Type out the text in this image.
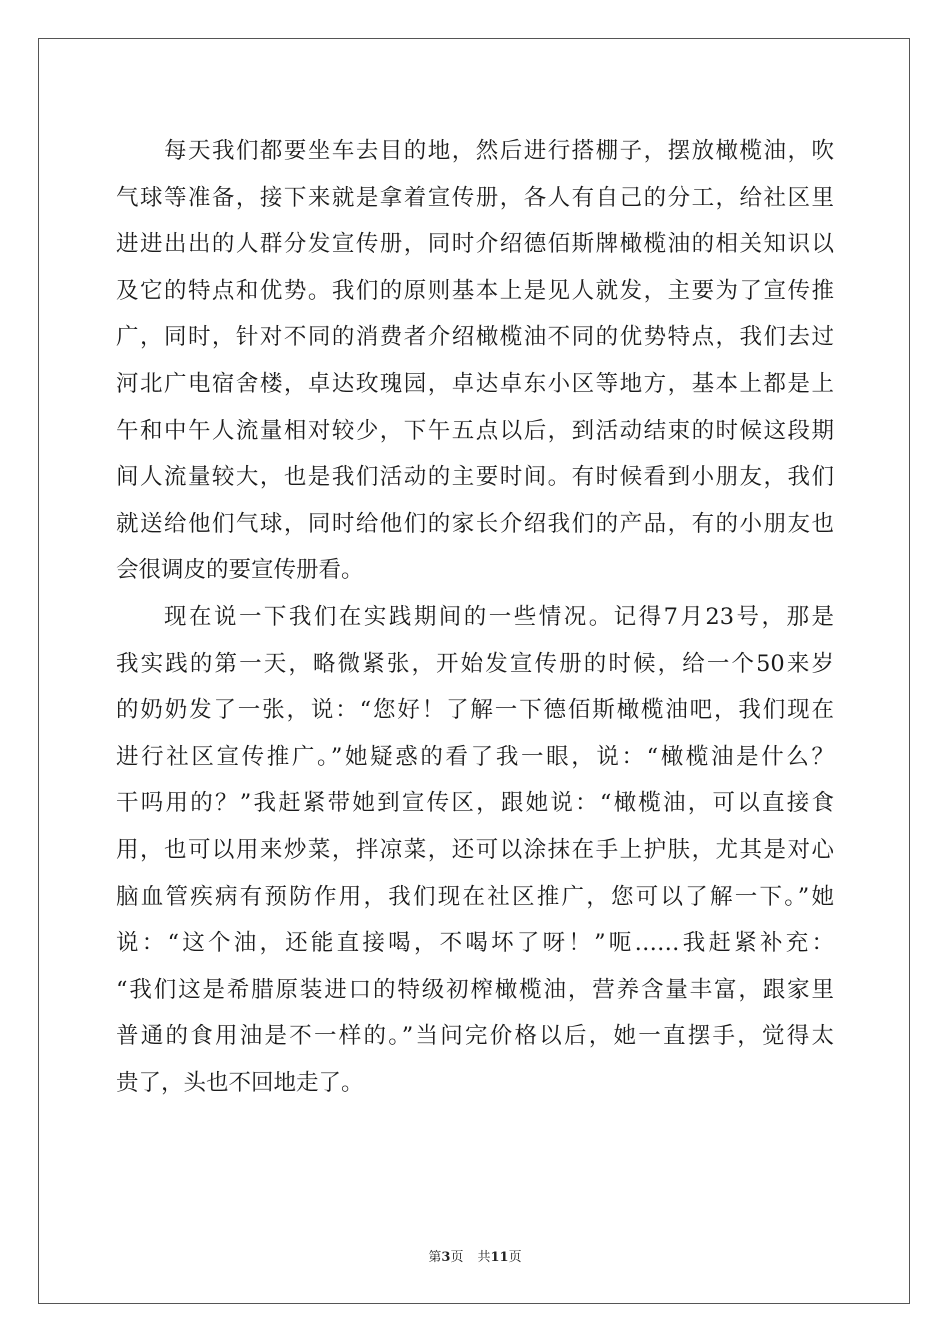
每天我们都要坐车去目的地，然后进行搭棚子，摆放橄榄油，吹
气球等准备，接下来就是拿着宣传册，各人有自己的分工，给社区里
进进出出的人群分发宣传册，同时介绍德佰斯牌橄榄油的相关知识以
及它的特点和优势。我们的原则基本上是见人就发，主要为了宣传推
广，同时，针对不同的消费者介绍橄榄油不同的优势特点，我们去过
河北广电宿舍楼，卓达玫瑰园，卓达卓东小区等地方，基本上都是上
午和中午人流量相对较少，下午五点以后，到活动结束的时候这段期
间人流量较大，也是我们活动的主要时间。有时候看到小朋友，我们
就送给他们气球，同时给他们的家长介绍我们的产品，有的小朋友也
会很调皮的要宣传册看。
现在说一下我们在实践期间的一些情况。记得7月23号，那是
我实践的第一天，略微紧张，开始发宣传册的时候，给一个50来岁
的奶奶发了一张，说：“您好！了解一下德佰斯橄榄油吧，我们现在
进行社区宣传推广。”她疑惑的看了我一眼，说：“橄榄油是什么？
干吗用的？”我赶紧带她到宣传区，跟她说：“橄榄油，可以直接食
用，也可以用来炒菜，拌凉菜，还可以涂抹在手上护肤，尤其是对心
脑血管疾病有预防作用，我们现在社区推广，您可以了解一下。”她
说：“这个油，还能直接喝，不喝坏了呀！”呃……我赶紧补充：
“我们这是希腊原装进口的特级初榨橄榄油，营养含量丰富，跟家里
普通的食用油是不一样的。”当问完价格以后，她一直摆手，觉得太
贵了，头也不回地走了。
第3页 共11页
